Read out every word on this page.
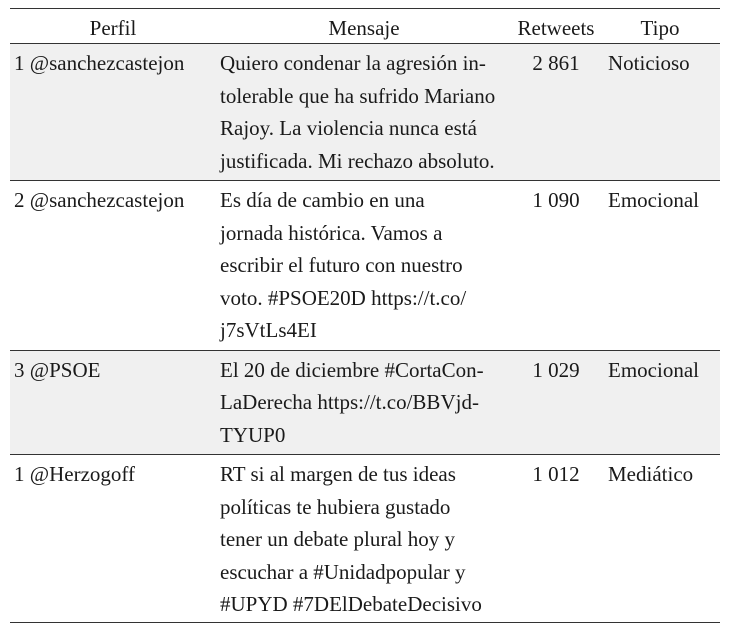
Perfil	Mensaje	Retweets	Tipo
1 @sanchezcastejon	Quiero condenar la agresión in-
tolerable que ha sufrido Mariano
Rajoy. La violencia nunca está
justificada. Mi rechazo absoluto.	2 861	Noticioso
2 @sanchezcastejon	Es día de cambio en una
jornada histórica. Vamos a
escribir el futuro con nuestro
voto. #PSOE20D https://t.co/
j7sVtLs4EI	1 090	Emocional
3 @PSOE	El 20 de diciembre #CortaCon-
LaDerecha https://t.co/BBVjd-
TYUP0	1 029	Emocional
1 @Herzogoff	RT si al margen de tus ideas
políticas te hubiera gustado
tener un debate plural hoy y
escuchar a #Unidadpopular y
#UPYD #7DElDebateDecisivo	1 012	Mediático
